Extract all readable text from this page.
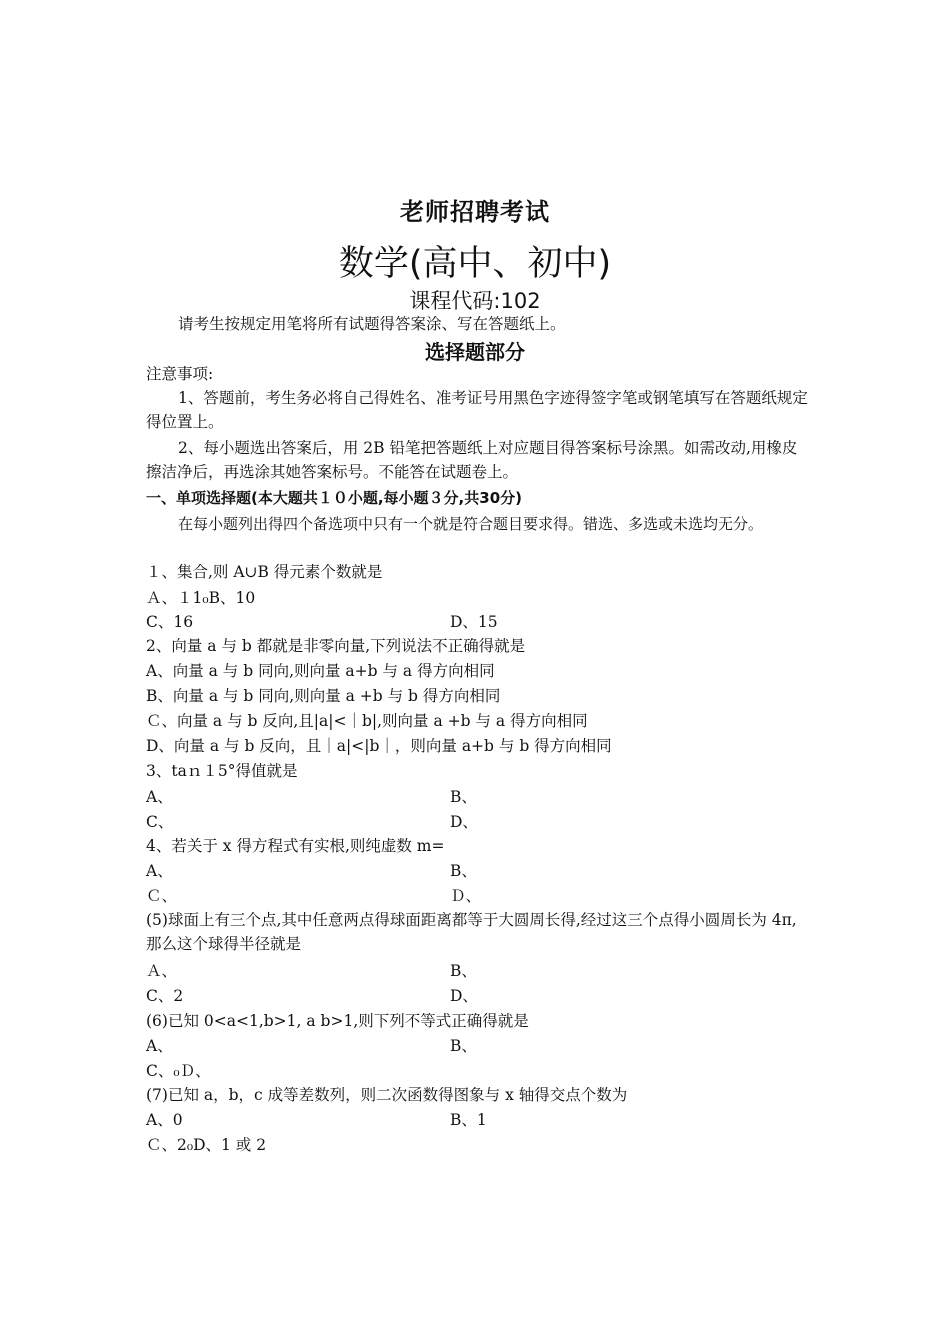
老师招聘考试
数学(高中、初中)
课程代码:102
请考生按规定用笔将所有试题得答案涂、写在答题纸上。
选择题部分
注意事项:
1、答题前，考生务必将自己得姓名、准考证号用黑色字迹得签字笔或钢笔填写在答题纸规定得位置上。
2、每小题选出答案后，用 2B 铅笔把答题纸上对应题目得答案标号涂黑。如需改动,用橡皮擦洁净后，再选涂其她答案标号。不能答在试题卷上。
一、单项选择题(本大题共１０小题,每小题３分,共30分)
在每小题列出得四个备选项中只有一个就是符合题目要求得。错选、多选或未选均无分。
１、集合,则 A∪B 得元素个数就是
Ａ、１1₀B、10
C、16	D、15
2、向量 a 与 b 都就是非零向量,下列说法不正确得就是
A、向量 a 与 b 同向,则向量 a+b 与 a 得方向相同
B、向量 a 与 b 同向,则向量 a +b 与 b 得方向相同
Ｃ、向量 a 与 b 反向,且|a|<｜b|,则向量 a +b 与 a 得方向相同
D、向量 a 与 b 反向，且｜a|<|b｜，则向量 a+b 与 b 得方向相同
3、taｎ１5°得值就是
A、	B、
C、	D、
4、若关于 x 得方程式有实根,则纯虚数 m=
A、	B、
Ｃ、	Ｄ、
(5)球面上有三个点,其中任意两点得球面距离都等于大圆周长得,经过这三个点得小圆周长为 4π,那么这个球得半径就是
Ａ、	B、
C、2	D、
(6)已知 0<a<1,b>1, a b>1,则下列不等式正确得就是
A、	B、
C、₀Ｄ、
(7)已知 a，b，c 成等差数列，则二次函数得图象与 x 轴得交点个数为
A、0	B、1
Ｃ、2₀D、1 或 2
